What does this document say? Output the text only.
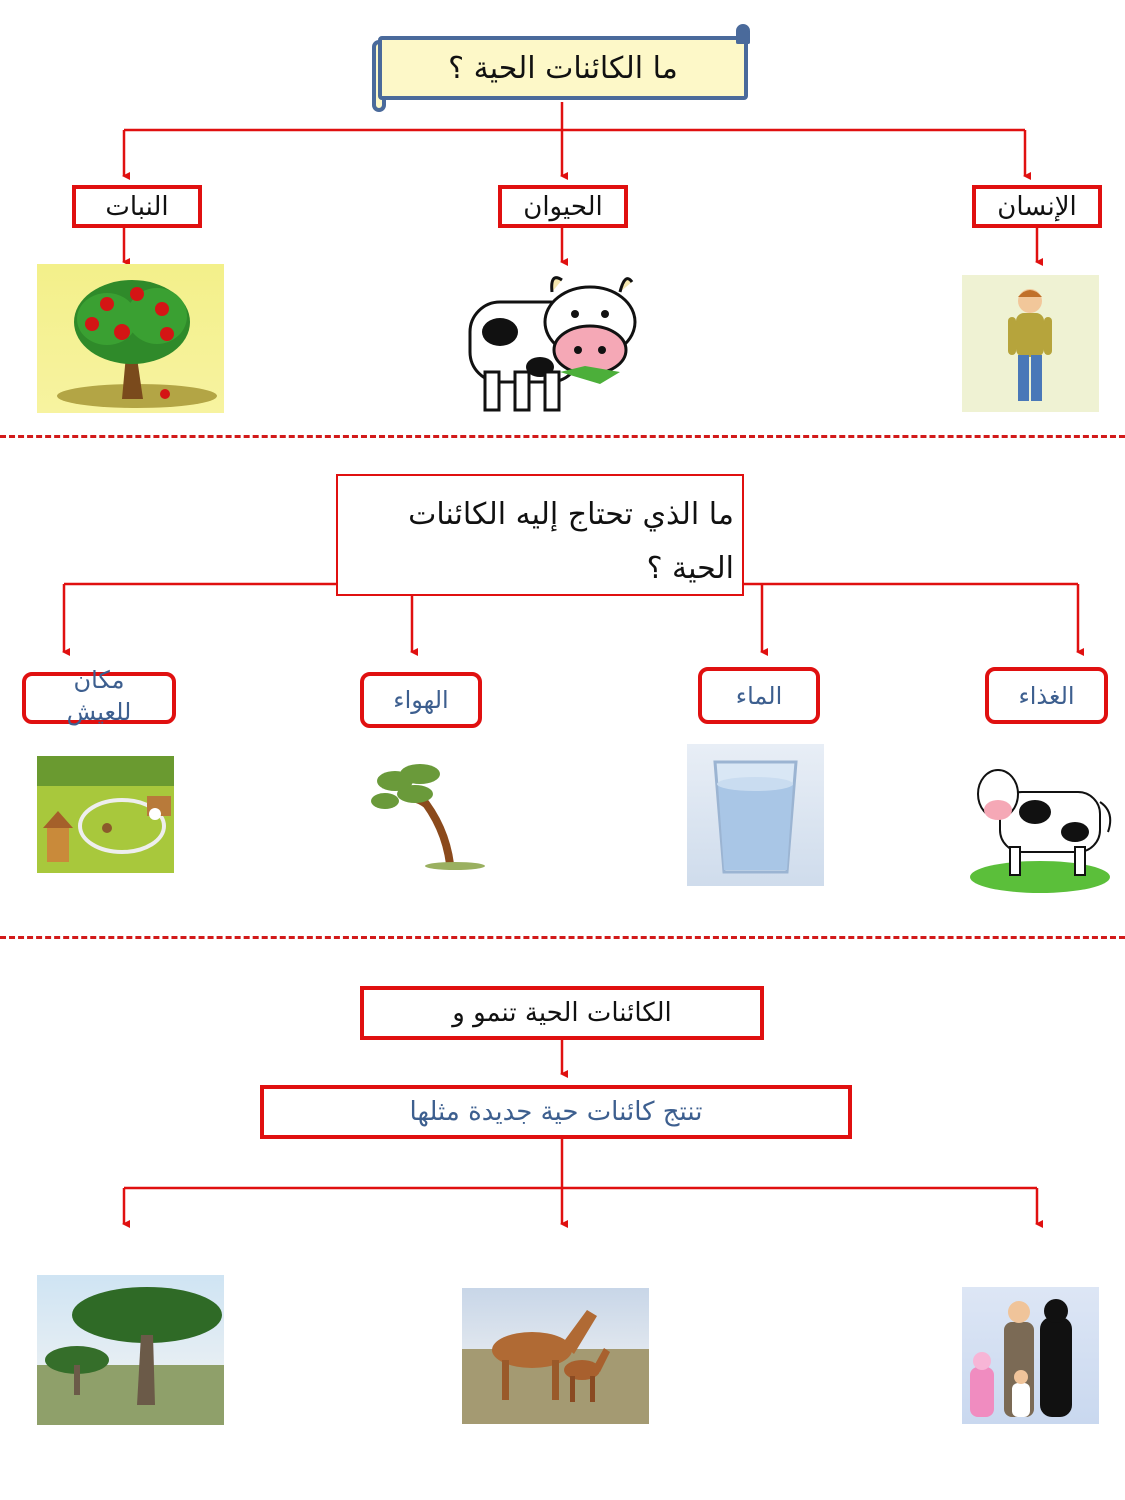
ما الكائنات الحية ؟
النبات	الحيوان	الإنسان
ما الذي تحتاج إليه الكائنات الحية ؟
مكان للعيش	الهواء	الماء	الغذاء
الكائنات الحية تنمو و
تنتج كائنات حية جديدة مثلها
